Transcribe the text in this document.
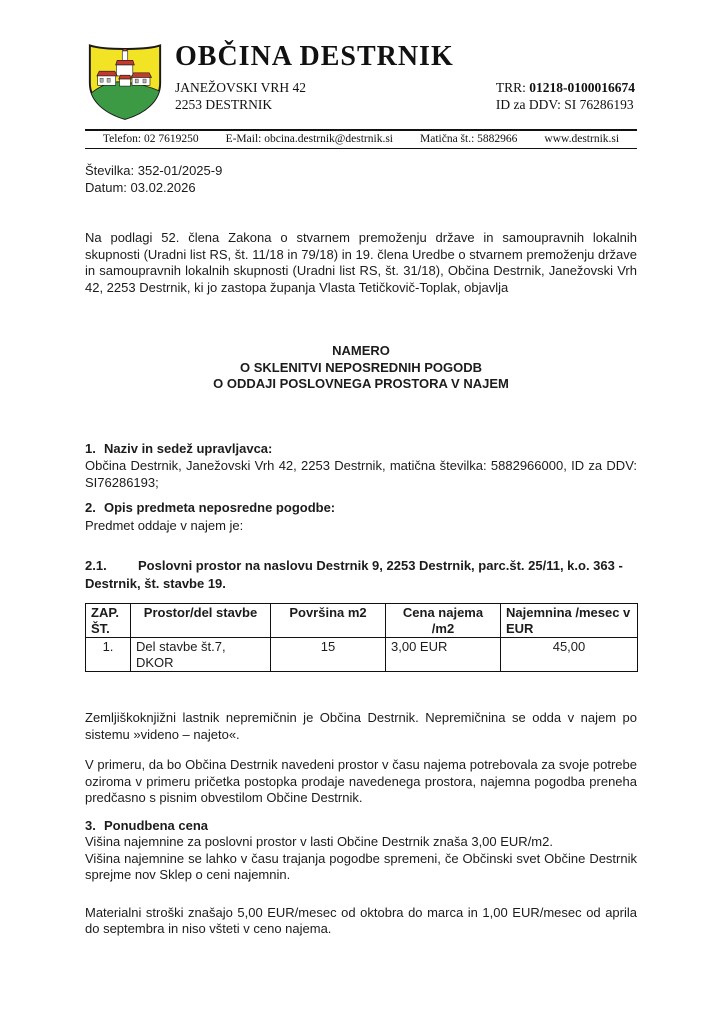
OBČINA DESTRNIK
JANEŽOVSKI VRH 42
2253 DESTRNIK
TRR: 01218-0100016674
ID za DDV: SI 76286193
Telefon: 02 7619250 E-Mail: obcina.destrnik@destrnik.si Matična št.: 5882966 www.destrnik.si
Številka: 352-01/2025-9
Datum: 03.02.2026

Na podlagi 52. člena Zakona o stvarnem premoženju države in samoupravnih lokalnih skupnosti (Uradni list RS, št. 11/18 in 79/18) in 19. člena Uredbe o stvarnem premoženju države in samoupravnih lokalnih skupnosti (Uradni list RS, št. 31/18), Občina Destrnik, Janežovski Vrh 42, 2253 Destrnik, ki jo zastopa županja Vlasta Tetičkovič-Toplak, objavlja

NAMERO
O SKLENITVI NEPOSREDNIH POGODB
O ODDAJI POSLOVNEGA PROSTORA V NAJEM
1. Naziv in sedež upravljavca:

Občina Destrnik, Janežovski Vrh 42, 2253 Destrnik, matična številka: 5882966000, ID za DDV: SI76286193;

2. Opis predmeta neposredne pogodbe:

Predmet oddaje v najem je:

2.1. Poslovni prostor na naslovu Destrnik 9, 2253 Destrnik, parc.št. 25/11, k.o. 363 - Destrnik, št. stavbe 19.
ZAP. ŠT.	Prostor/del stavbe	Površina m2	Cena najema /m2	Najemnina /mesec v EUR
1.	Del stavbe št.7, DKOR	15	3,00 EUR	45,00

Zemljiškoknjižni lastnik nepremičnin je Občina Destrnik. Nepremičnina se odda v najem po sistemu »videno – najeto«.

V primeru, da bo Občina Destrnik navedeni prostor v času najema potrebovala za svoje potrebe oziroma v primeru pričetka postopka prodaje navedenega prostora, najemna pogodba preneha predčasno s pisnim obvestilom Občine Destrnik.

3. Ponudbena cena
Višina najemnine za poslovni prostor v lasti Občine Destrnik znaša 3,00 EUR/m2.
Višina najemnine se lahko v času trajanja pogodbe spremeni, če Občinski svet Občine Destrnik sprejme nov Sklep o ceni najemnin.

Materialni stroški znašajo 5,00 EUR/mesec od oktobra do marca in 1,00 EUR/mesec od aprila do septembra in niso všteti v ceno najema.
